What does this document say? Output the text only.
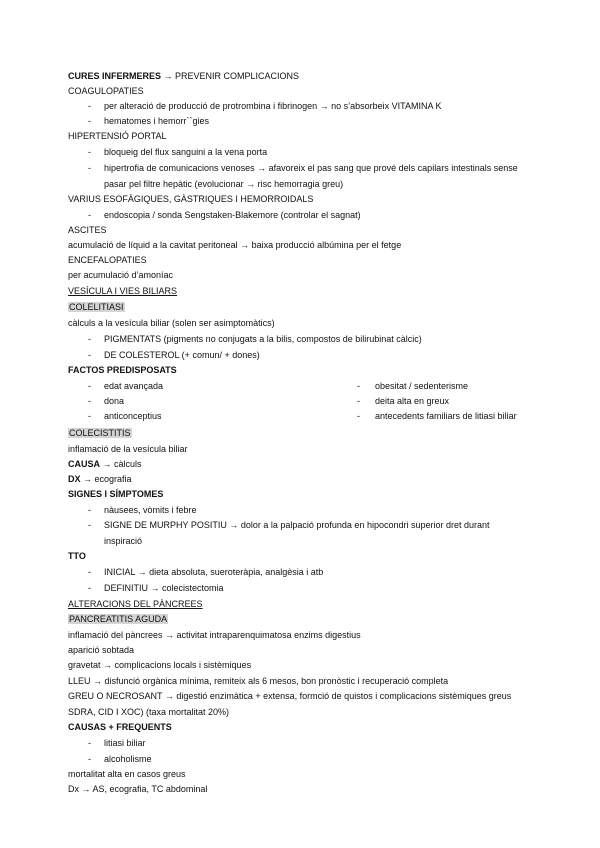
CURES INFERMERES → PREVENIR COMPLICACIONS
COAGULOPATIES
- per alteració de producció de protrombina i fibrinogen → no s’absorbeix VITAMINA K
- hematomes i hemorr``gies
HIPERTENSIÓ PORTAL
- bloqueig del flux sanguini a la vena porta
- hipertrofia de comunicacions venoses → afavoreix el pas sang que prové dels capilars intestinals sense
pasar pel filtre hepàtic (evolucionar → risc hemorragia greu)
VARIUS ESOFÀGIQUES, GÀSTRIQUES I HEMORROIDALS
- endoscopia / sonda Sengstaken-Blakemore (controlar el sagnat)
ASCITES
acumulació de líquid a la cavitat peritoneal → baixa producció albúmina per el fetge
ENCEFALOPATIES
per acumulació d’amoníac
VESÍCULA I VIES BILIARS
COLELITIASI
càlculs a la vesícula biliar (solen ser asimptomàtics)
- PIGMENTATS (pigments no conjugats a la bilis, compostos de bilirubinat càlcic)
- DE COLESTEROL (+ comun/ + dones)
FACTOS PREDISPOSATS
- edat avançada	- obesitat / sedenterisme
- dona	- deita alta en greux
- anticonceptius	- antecedents familiars de litiasi biliar
COLECISTITIS
inflamació de la vesícula biliar
CAUSA → càlculs
DX → ecografia
SIGNES I SÍMPTOMES
- nàusees, vòmits i febre
- SIGNE DE MURPHY POSITIU → dolor a la palpació profunda en hipocondri superior dret durant
inspiració
TTO
- INICIAL → dieta absoluta, sueroteràpia, analgèsia i atb
- DEFINITIU → colecistectomia
ALTERACIONS DEL PÀNCREES
PANCREATITIS AGUDA
inflamació del pàncrees → activitat intraparenquimatosa enzims digestius
aparició sobtada
gravetat → complicacions locals i sistèmiques
LLEU → disfunció orgànica mínima, remiteix als 6 mesos, bon pronòstic i recuperació completa
GREU O NECROSANT → digestió enzimàtica + extensa, formció de quistos i complicacions sistèmiques greus
SDRA, CID I XOC) (taxa mortalitat 20%)
CAUSAS + FREQUENTS
- litiasi biliar
- alcoholisme
mortalitat alta en casos greus
Dx → AS, ecografia, TC abdominal
